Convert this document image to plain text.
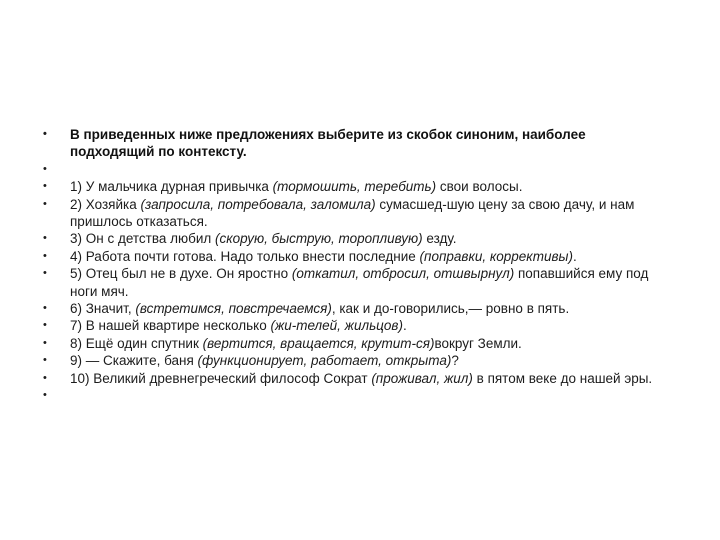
•	В приведенных ниже предложениях выберите из скобок синоним, наиболее подходящий по контексту.
•
•	1) У мальчика дурная привычка (тормошить, теребить) свои волосы.
•	2) Хозяйка (запросила, потребовала, заломила) сумасшед-шую цену за свою дачу, и нам пришлось отказаться.
•	3) Он с детства любил (скорую, быструю, торопливую) езду.
•	4) Работа почти готова. Надо только внести последние (поправки, коррективы).
•	5) Отец был не в духе. Он яростно (откатил, отбросил, отшвырнул) попавшийся ему под ноги мяч.
•	6) Значит, (встретимся, повстречаемся), как и до-говорились,— ровно в пять.
•	7) В нашей квартире несколько (жи-телей, жильцов).
•	8) Ещё один спутник (вертится, вращается, крутит-ся)вокруг Земли.
•	9) — Скажите, баня (функционирует, работает, открыта)?
•	10) Великий древнегреческий философ Сократ (проживал, жил) в пятом веке до нашей эры.
•
